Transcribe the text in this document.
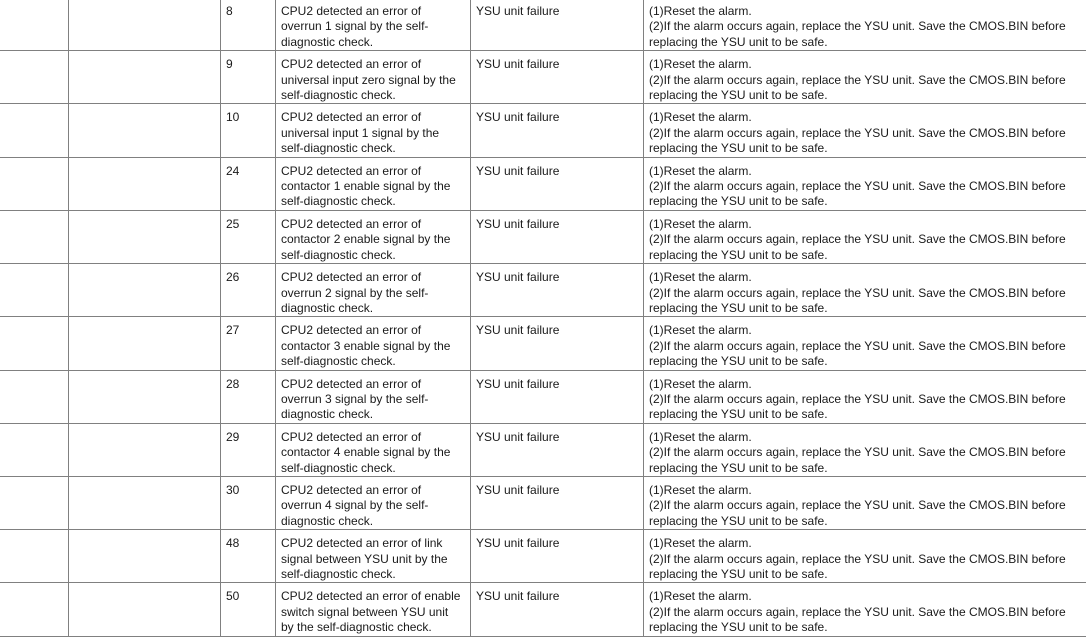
		8	CPU2 detected an error of
overrun 1 signal by the self-
diagnostic check.	YSU unit failure	(1)Reset the alarm.
(2)If the alarm occurs again, replace the YSU unit. Save the CMOS.BIN before
replacing the YSU unit to be safe.

		9	CPU2 detected an error of
universal input zero signal by the
self-diagnostic check.	YSU unit failure	(1)Reset the alarm.
(2)If the alarm occurs again, replace the YSU unit. Save the CMOS.BIN before
replacing the YSU unit to be safe.

		10	CPU2 detected an error of
universal input 1 signal by the
self-diagnostic check.	YSU unit failure	(1)Reset the alarm.
(2)If the alarm occurs again, replace the YSU unit. Save the CMOS.BIN before
replacing the YSU unit to be safe.

		24	CPU2 detected an error of
contactor 1 enable signal by the
self-diagnostic check.	YSU unit failure	(1)Reset the alarm.
(2)If the alarm occurs again, replace the YSU unit. Save the CMOS.BIN before
replacing the YSU unit to be safe.

		25	CPU2 detected an error of
contactor 2 enable signal by the
self-diagnostic check.	YSU unit failure	(1)Reset the alarm.
(2)If the alarm occurs again, replace the YSU unit. Save the CMOS.BIN before
replacing the YSU unit to be safe.

		26	CPU2 detected an error of
overrun 2 signal by the self-
diagnostic check.	YSU unit failure	(1)Reset the alarm.
(2)If the alarm occurs again, replace the YSU unit. Save the CMOS.BIN before
replacing the YSU unit to be safe.

		27	CPU2 detected an error of
contactor 3 enable signal by the
self-diagnostic check.	YSU unit failure	(1)Reset the alarm.
(2)If the alarm occurs again, replace the YSU unit. Save the CMOS.BIN before
replacing the YSU unit to be safe.

		28	CPU2 detected an error of
overrun 3 signal by the self-
diagnostic check.	YSU unit failure	(1)Reset the alarm.
(2)If the alarm occurs again, replace the YSU unit. Save the CMOS.BIN before
replacing the YSU unit to be safe.

		29	CPU2 detected an error of
contactor 4 enable signal by the
self-diagnostic check.	YSU unit failure	(1)Reset the alarm.
(2)If the alarm occurs again, replace the YSU unit. Save the CMOS.BIN before
replacing the YSU unit to be safe.

		30	CPU2 detected an error of
overrun 4 signal by the self-
diagnostic check.	YSU unit failure	(1)Reset the alarm.
(2)If the alarm occurs again, replace the YSU unit. Save the CMOS.BIN before
replacing the YSU unit to be safe.

		48	CPU2 detected an error of link
signal between YSU unit by the
self-diagnostic check.	YSU unit failure	(1)Reset the alarm.
(2)If the alarm occurs again, replace the YSU unit. Save the CMOS.BIN before
replacing the YSU unit to be safe.

		50	CPU2 detected an error of enable
switch signal between YSU unit
by the self-diagnostic check.	YSU unit failure	(1)Reset the alarm.
(2)If the alarm occurs again, replace the YSU unit. Save the CMOS.BIN before
replacing the YSU unit to be safe.
